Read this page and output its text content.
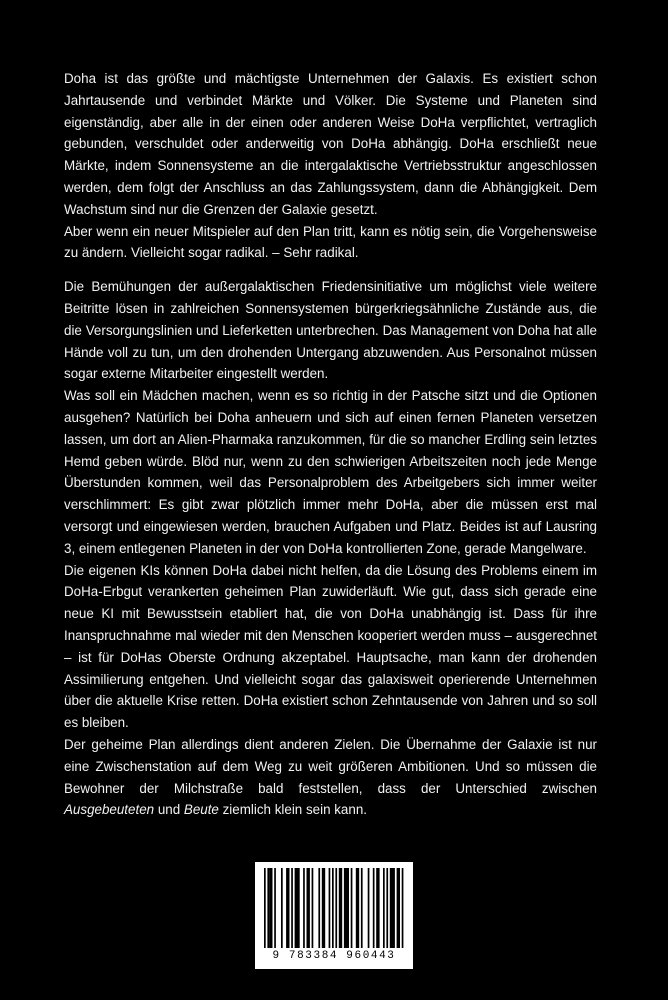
Doha ist das größte und mächtigste Unternehmen der Galaxis. Es existiert schon Jahrtausende und verbindet Märkte und Völker. Die Systeme und Planeten sind eigenständig, aber alle in der einen oder anderen Weise DoHa verpflichtet, vertraglich gebunden, verschuldet oder anderweitig von DoHa abhängig. DoHa erschließt neue Märkte, indem Sonnensysteme an die intergalaktische Vertriebsstruktur angeschlossen werden, dem folgt der Anschluss an das Zahlungssystem, dann die Abhängigkeit. Dem Wachstum sind nur die Grenzen der Galaxie gesetzt.

Aber wenn ein neuer Mitspieler auf den Plan tritt, kann es nötig sein, die Vorgehensweise zu ändern. Vielleicht sogar radikal. – Sehr radikal.

Die Bemühungen der außergalaktischen Friedensinitiative um möglichst viele weitere Beitritte lösen in zahlreichen Sonnensystemen bürgerkriegsähnliche Zustände aus, die die Versorgungslinien und Lieferketten unterbrechen. Das Management von Doha hat alle Hände voll zu tun, um den drohenden Untergang abzuwenden. Aus Personalnot müssen sogar externe Mitarbeiter eingestellt werden.

Was soll ein Mädchen machen, wenn es so richtig in der Patsche sitzt und die Optionen ausgehen? Natürlich bei Doha anheuern und sich auf einen fernen Planeten versetzen lassen, um dort an Alien-Pharmaka ranzukommen, für die so mancher Erdling sein letztes Hemd geben würde. Blöd nur, wenn zu den schwierigen Arbeitszeiten noch jede Menge Überstunden kommen, weil das Personalproblem des Arbeitgebers sich immer weiter verschlimmert: Es gibt zwar plötzlich immer mehr DoHa, aber die müssen erst mal versorgt und eingewiesen werden, brauchen Aufgaben und Platz. Beides ist auf Lausring 3, einem entlegenen Planeten in der von DoHa kontrollierten Zone, gerade Mangelware.

Die eigenen KIs können DoHa dabei nicht helfen, da die Lösung des Problems einem im DoHa-Erbgut verankerten geheimen Plan zuwiderläuft. Wie gut, dass sich gerade eine neue KI mit Bewusstsein etabliert hat, die von DoHa unabhängig ist. Dass für ihre Inanspruchnahme mal wieder mit den Menschen kooperiert werden muss – ausgerechnet – ist für DoHas Oberste Ordnung akzeptabel. Hauptsache, man kann der drohenden Assimilierung entgehen. Und vielleicht sogar das galaxisweit operierende Unternehmen über die aktuelle Krise retten. DoHa existiert schon Zehntausende von Jahren und so soll es bleiben.

Der geheime Plan allerdings dient anderen Zielen. Die Übernahme der Galaxie ist nur eine Zwischenstation auf dem Weg zu weit größeren Ambitionen. Und so müssen die Bewohner der Milchstraße bald feststellen, dass der Unterschied zwischen Ausgebeuteten und Beute ziemlich klein sein kann.

9 783384 960443
